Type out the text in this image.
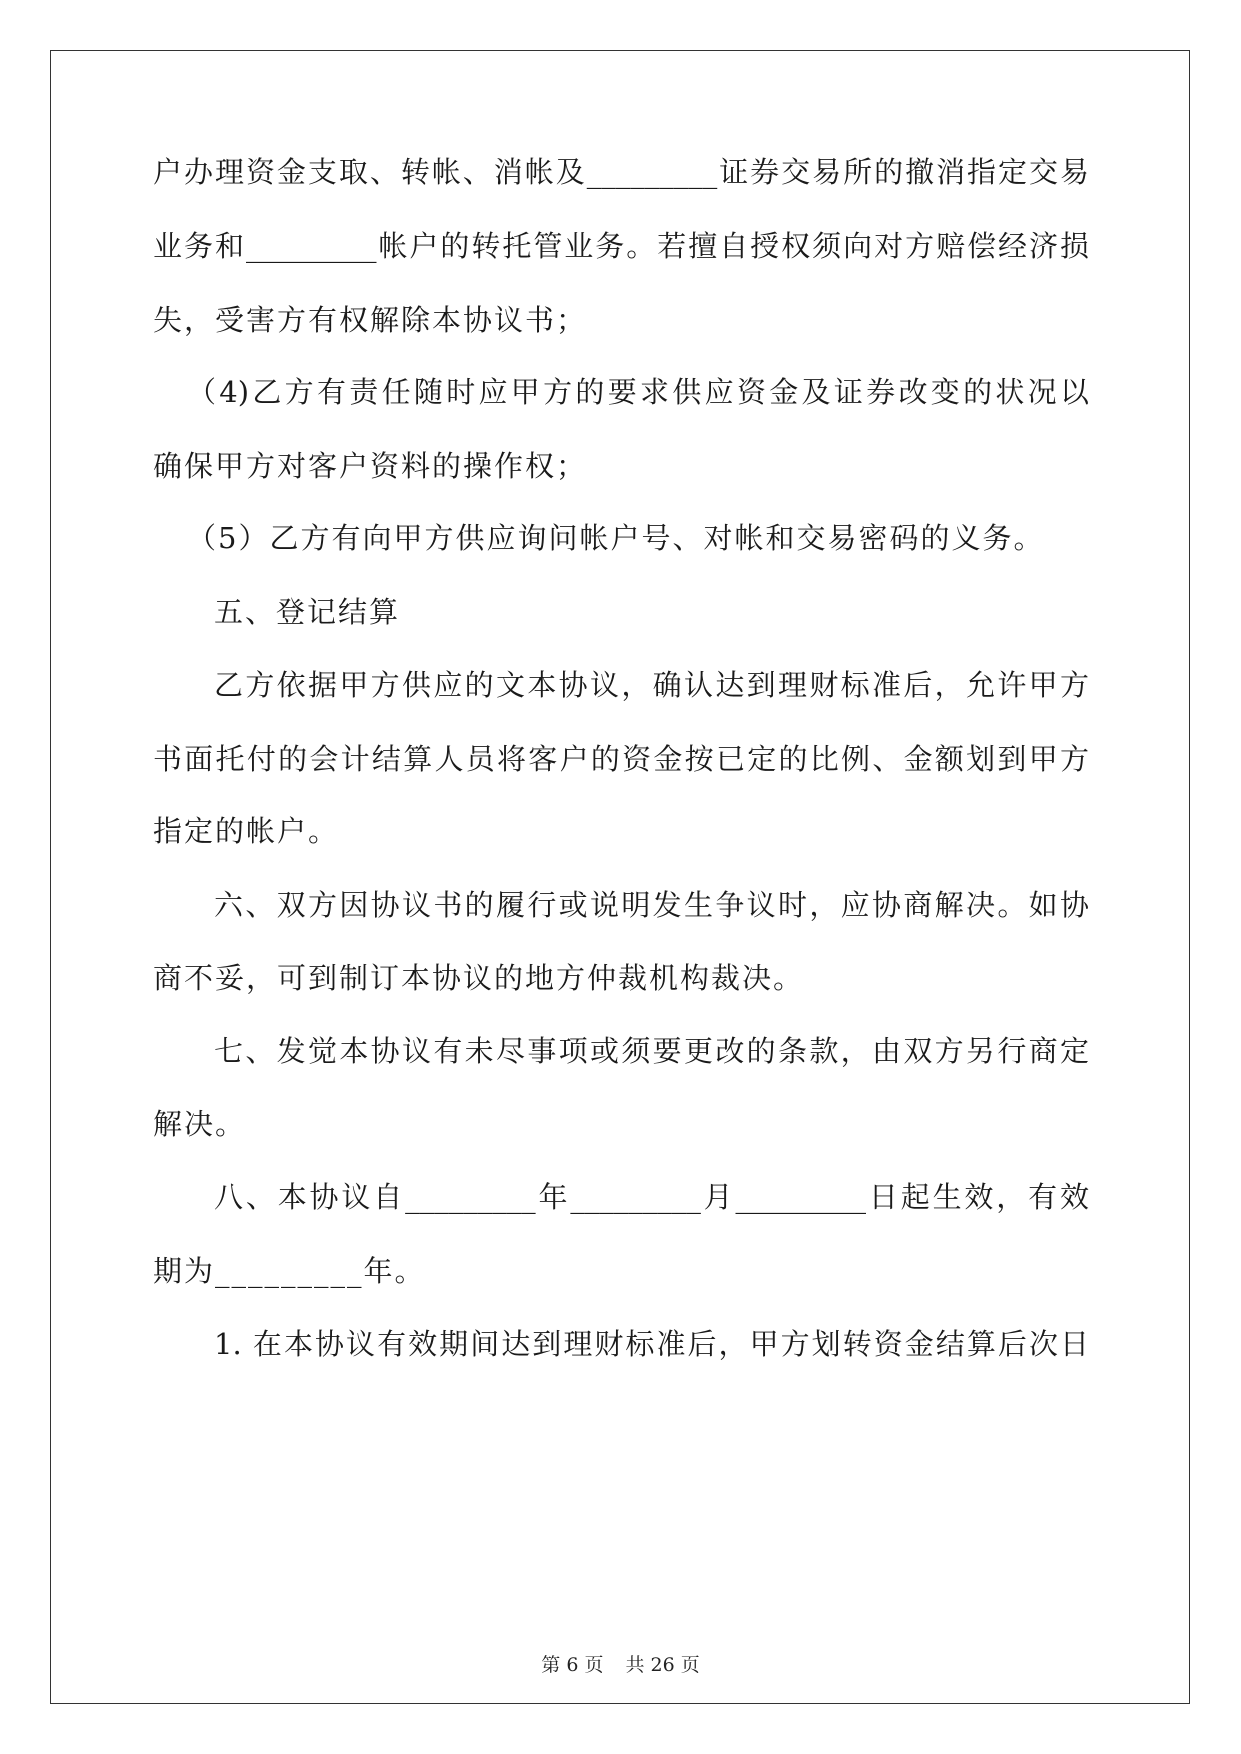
户办理资金支取、转帐、消帐及_________证券交易所的撤消指定交易
业务和_________帐户的转托管业务。若擅自授权须向对方赔偿经济损
失，受害方有权解除本协议书；
（4)乙方有责任随时应甲方的要求供应资金及证券改变的状况以
确保甲方对客户资料的操作权；
（5）乙方有向甲方供应询问帐户号、对帐和交易密码的义务。
五、登记结算
乙方依据甲方供应的文本协议，确认达到理财标准后，允许甲方
书面托付的会计结算人员将客户的资金按已定的比例、金额划到甲方
指定的帐户。
六、双方因协议书的履行或说明发生争议时，应协商解决。如协
商不妥，可到制订本协议的地方仲裁机构裁决。
七、发觉本协议有未尽事项或须要更改的条款，由双方另行商定
解决。
八、本协议自_________年_________月_________日起生效，有效
期为_________年。
1. 在本协议有效期间达到理财标准后，甲方划转资金结算后次日
第 6 页 共 26 页
